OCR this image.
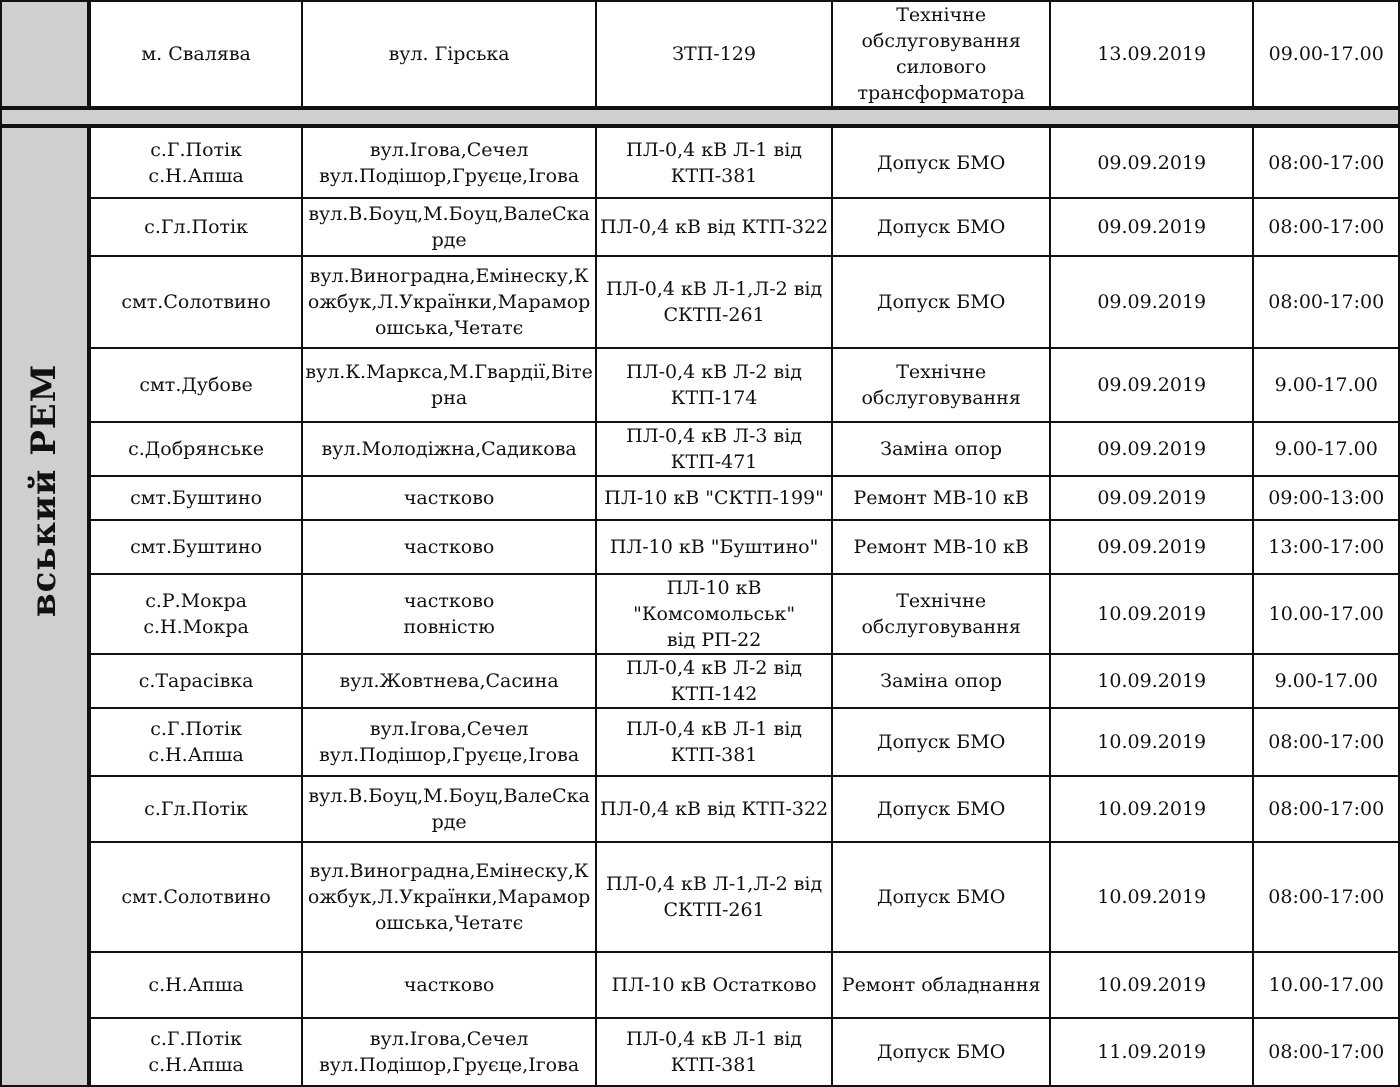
	м. Свалява	вул. Гірська	ЗТП-129	Технічне
обслуговування
силового
трансформатора	13.09.2019	09.00-17.00

вський РЕМ	с.Г.Потік
с.Н.Апша	вул.Ігова,Сечел
вул.Подішор,Груєце,Ігова	ПЛ-0,4 кВ Л-1 від КТП-381	Допуск БМО	09.09.2019	08:00-17:00

	с.Гл.Потік	вул.В.Боуц,М.Боуц,ВалеСка
рде	ПЛ-0,4 кВ від КТП-322	Допуск БМО	09.09.2019	08:00-17:00

	смт.Солотвино	вул.Виноградна,Емінеску,К
ожбук,Л.Українки,Марамор
ошська,Четатє	ПЛ-0,4 кВ Л-1,Л-2 від
СКТП-261	Допуск БМО	09.09.2019	08:00-17:00

	смт.Дубове	вул.К.Маркса,М.Гвардії,Віте
рна	ПЛ-0,4 кВ Л-2 від КТП-174	Технічне
обслуговування	09.09.2019	9.00-17.00

	с.Добрянське	вул.Молодіжна,Садикова	ПЛ-0,4 кВ Л-3 від КТП-471	Заміна опор	09.09.2019	9.00-17.00

	смт.Буштино	частково	ПЛ-10 кВ "СКТП-199"	Ремонт МВ-10 кВ	09.09.2019	09:00-13:00

	смт.Буштино	частково	ПЛ-10 кВ "Буштино"	Ремонт МВ-10 кВ	09.09.2019	13:00-17:00

	с.Р.Мокра
с.Н.Мокра	частково
повністю	ПЛ-10 кВ "Комсомольськ"
від РП-22	Технічне
обслуговування	10.09.2019	10.00-17.00

	с.Тарасівка	вул.Жовтнева,Сасина	ПЛ-0,4 кВ Л-2 від КТП-142	Заміна опор	10.09.2019	9.00-17.00

	с.Г.Потік
с.Н.Апша	вул.Ігова,Сечел
вул.Подішор,Груєце,Ігова	ПЛ-0,4 кВ Л-1 від КТП-381	Допуск БМО	10.09.2019	08:00-17:00

	с.Гл.Потік	вул.В.Боуц,М.Боуц,ВалеСка
рде	ПЛ-0,4 кВ від КТП-322	Допуск БМО	10.09.2019	08:00-17:00

	смт.Солотвино	вул.Виноградна,Емінеску,К
ожбук,Л.Українки,Марамор
ошська,Четатє	ПЛ-0,4 кВ Л-1,Л-2 від
СКТП-261	Допуск БМО	10.09.2019	08:00-17:00

	с.Н.Апша	частково	ПЛ-10 кВ Остатково	Ремонт обладнання	10.09.2019	10.00-17.00

	с.Г.Потік
с.Н.Апша	вул.Ігова,Сечел
вул.Подішор,Груєце,Ігова	ПЛ-0,4 кВ Л-1 від КТП-381	Допуск БМО	11.09.2019	08:00-17:00
